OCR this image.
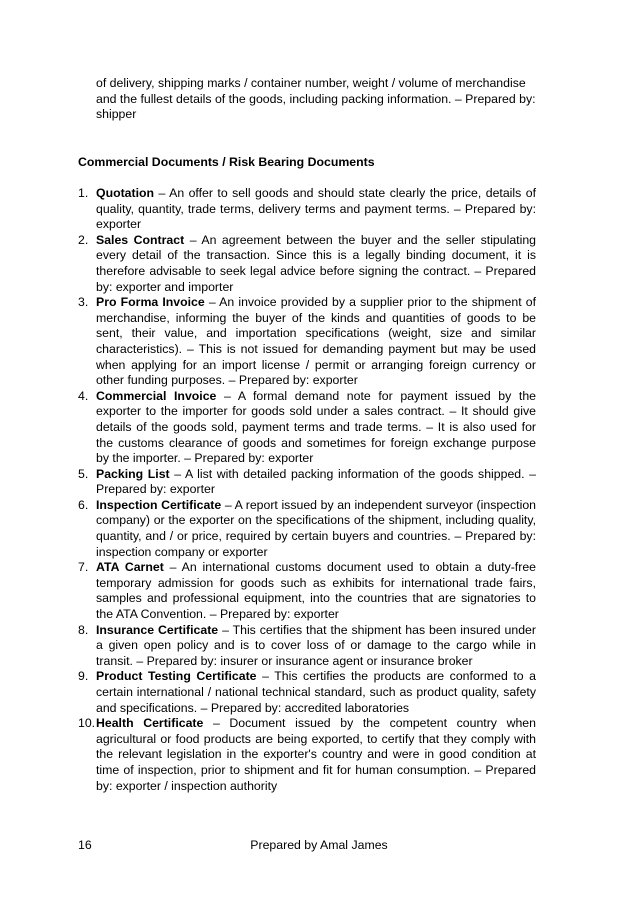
of delivery, shipping marks / container number, weight / volume of merchandise and the fullest details of the goods, including packing information. – Prepared by: shipper

Commercial Documents / Risk Bearing Documents
1. Quotation – An offer to sell goods and should state clearly the price, details of quality, quantity, trade terms, delivery terms and payment terms. – Prepared by: exporter
2. Sales Contract – An agreement between the buyer and the seller stipulating every detail of the transaction. Since this is a legally binding document, it is therefore advisable to seek legal advice before signing the contract. – Prepared by: exporter and importer
3. Pro Forma Invoice – An invoice provided by a supplier prior to the shipment of merchandise, informing the buyer of the kinds and quantities of goods to be sent, their value, and importation specifications (weight, size and similar characteristics). – This is not issued for demanding payment but may be used when applying for an import license / permit or arranging foreign currency or other funding purposes. – Prepared by: exporter
4. Commercial Invoice – A formal demand note for payment issued by the exporter to the importer for goods sold under a sales contract. – It should give details of the goods sold, payment terms and trade terms. – It is also used for the customs clearance of goods and sometimes for foreign exchange purpose by the importer. – Prepared by: exporter
5. Packing List – A list with detailed packing information of the goods shipped. – Prepared by: exporter
6. Inspection Certificate – A report issued by an independent surveyor (inspection company) or the exporter on the specifications of the shipment, including quality, quantity, and / or price, required by certain buyers and countries. – Prepared by: inspection company or exporter
7. ATA Carnet – An international customs document used to obtain a duty-free temporary admission for goods such as exhibits for international trade fairs, samples and professional equipment, into the countries that are signatories to the ATA Convention. – Prepared by: exporter
8. Insurance Certificate – This certifies that the shipment has been insured under a given open policy and is to cover loss of or damage to the cargo while in transit. – Prepared by: insurer or insurance agent or insurance broker
9. Product Testing Certificate – This certifies the products are conformed to a certain international / national technical standard, such as product quality, safety and specifications. – Prepared by: accredited laboratories
10. Health Certificate – Document issued by the competent country when agricultural or food products are being exported, to certify that they comply with the relevant legislation in the exporter's country and were in good condition at time of inspection, prior to shipment and fit for human consumption. – Prepared by: exporter / inspection authority
Prepared by Amal James
16
